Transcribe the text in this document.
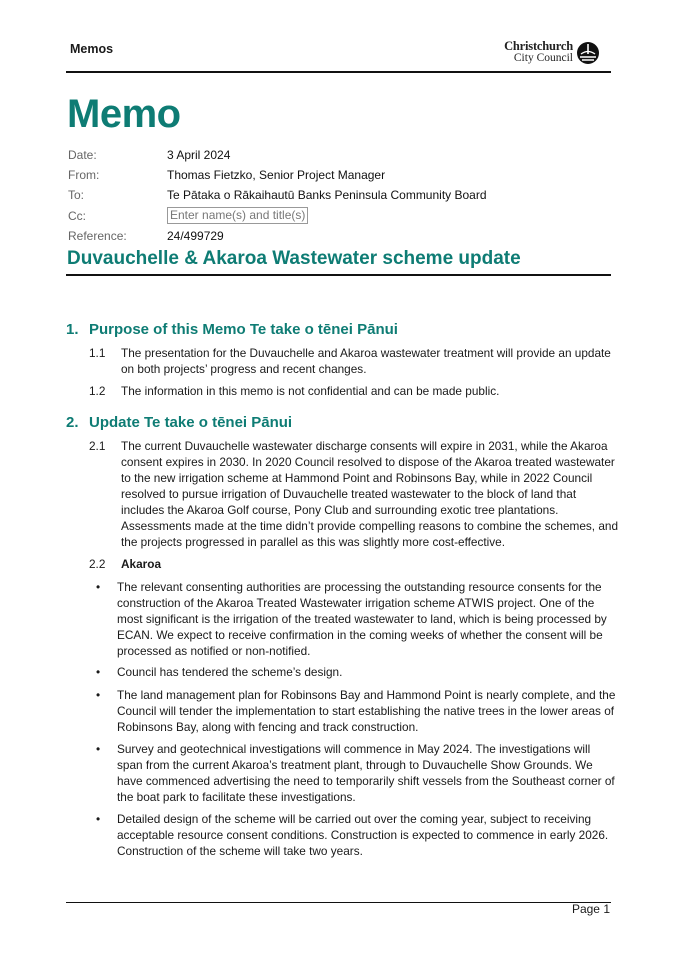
Memos	Christchurch
City Council
Memo
Date:	3 April 2024
From:	Thomas Fietzko, Senior Project Manager
To:	Te Pātaka o Rākaihautū Banks Peninsula Community Board
Cc:	Enter name(s) and title(s)
Reference:	24/499729
Duvauchelle & Akaroa Wastewater scheme update
1. Purpose of this Memo Te take o tēnei Pānui
1.1	The presentation for the Duvauchelle and Akaroa wastewater treatment will provide an update on both projects’ progress and recent changes.
1.2	The information in this memo is not confidential and can be made public.
2. Update Te take o tēnei Pānui
2.1	The current Duvauchelle wastewater discharge consents will expire in 2031, while the Akaroa consent expires in 2030. In 2020 Council resolved to dispose of the Akaroa treated wastewater to the new irrigation scheme at Hammond Point and Robinsons Bay, while in 2022 Council resolved to pursue irrigation of Duvauchelle treated wastewater to the block of land that includes the Akaroa Golf course, Pony Club and surrounding exotic tree plantations. Assessments made at the time didn’t provide compelling reasons to combine the schemes, and the projects progressed in parallel as this was slightly more cost-effective.
2.2	Akaroa
• The relevant consenting authorities are processing the outstanding resource consents for the construction of the Akaroa Treated Wastewater irrigation scheme ATWIS project. One of the most significant is the irrigation of the treated wastewater to land, which is being processed by ECAN. We expect to receive confirmation in the coming weeks of whether the consent will be processed as notified or non-notified.
• Council has tendered the scheme’s design.
• The land management plan for Robinsons Bay and Hammond Point is nearly complete, and the Council will tender the implementation to start establishing the native trees in the lower areas of Robinsons Bay, along with fencing and track construction.
• Survey and geotechnical investigations will commence in May 2024. The investigations will span from the current Akaroa’s treatment plant, through to Duvauchelle Show Grounds. We have commenced advertising the need to temporarily shift vessels from the Southeast corner of the boat park to facilitate these investigations.
• Detailed design of the scheme will be carried out over the coming year, subject to receiving acceptable resource consent conditions. Construction is expected to commence in early 2026. Construction of the scheme will take two years.
Page 1
